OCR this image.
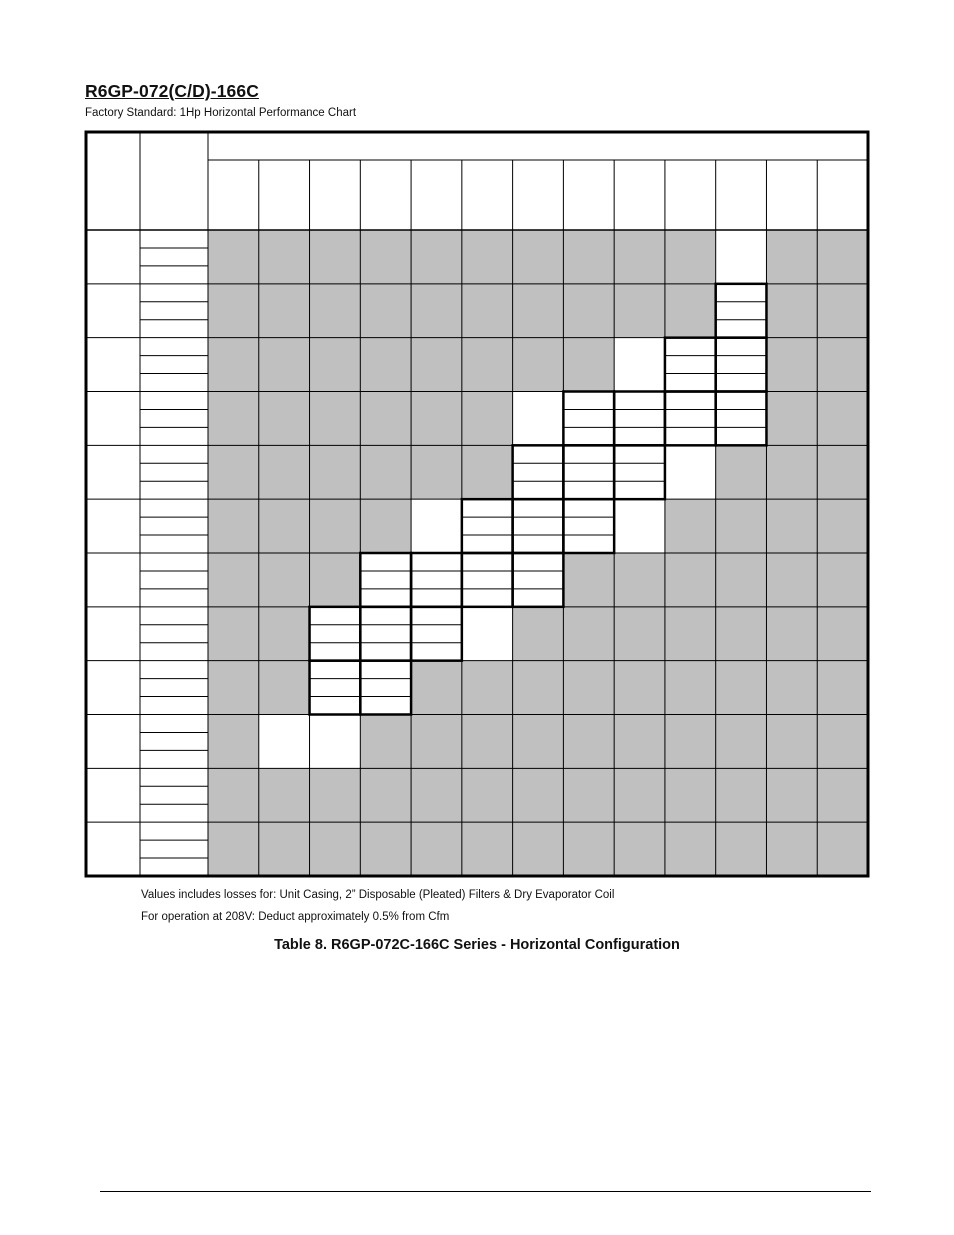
R6GP-072(C/D)-166C
Factory Standard: 1Hp Horizontal Performance Chart
Values includes losses for: Unit Casing, 2” Disposable (Pleated) Filters & Dry Evaporator Coil
For operation at 208V: Deduct approximately 0.5% from Cfm
Table 8. R6GP-072C-166C Series - Horizontal Configuration
